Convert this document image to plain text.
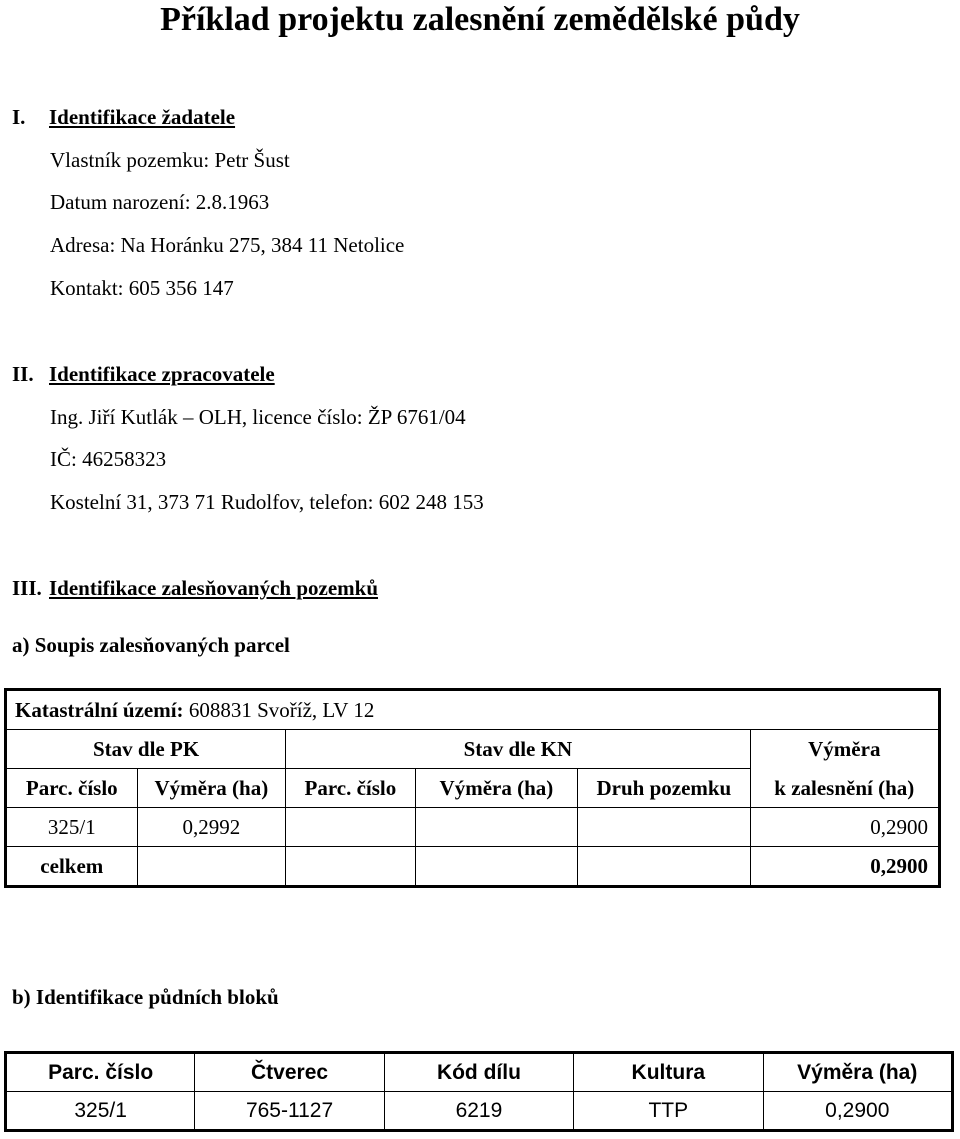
Příklad projektu zalesnění zemědělské půdy
I. Identifikace žadatele
Vlastník pozemku: Petr Šust
Datum narození: 2.8.1963
Adresa: Na Horánku 275, 384 11 Netolice
Kontakt: 605 356 147
II. Identifikace zpracovatele
Ing. Jiří Kutlák – OLH, licence číslo: ŽP 6761/04
IČ: 46258323
Kostelní 31, 373 71 Rudolfov, telefon: 602 248 153
III. Identifikace zalesňovaných pozemků
a) Soupis zalesňovaných parcel
Katastrální území: 608831 Svoříž, LV 12					
Stav dle PK		Stav dle KN			Výměra
Parc. číslo	Výměra (ha)	Parc. číslo	Výměra (ha)	Druh pozemku	k zalesnění (ha)
325/1	0,2992				0,2900
celkem					0,2900
b) Identifikace půdních bloků
Parc. číslo	Čtverec	Kód dílu	Kultura	Výměra (ha)
325/1	765-1127	6219	TTP	0,2900
